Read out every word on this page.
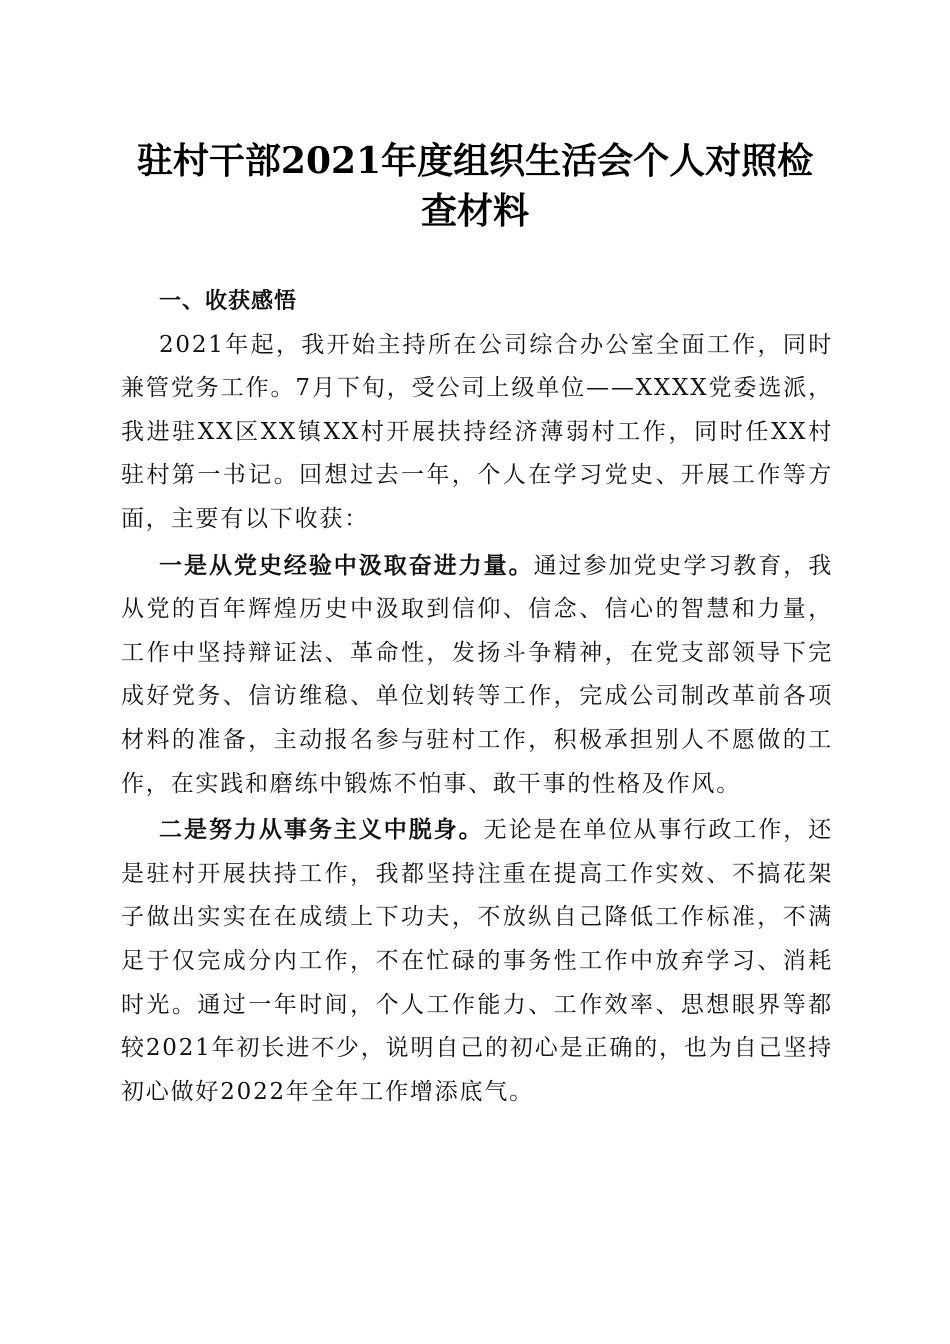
驻村干部2021年度组织生活会个人对照检查材料

一、收获感悟

2021年起，我开始主持所在公司综合办公室全面工作，同时兼管党务工作。7月下旬，受公司上级单位——XXXX党委选派，我进驻XX区XX镇XX村开展扶持经济薄弱村工作，同时任XX村驻村第一书记。回想过去一年，个人在学习党史、开展工作等方面，主要有以下收获：

一是从党史经验中汲取奋进力量。通过参加党史学习教育，我从党的百年辉煌历史中汲取到信仰、信念、信心的智慧和力量，工作中坚持辩证法、革命性，发扬斗争精神，在党支部领导下完成好党务、信访维稳、单位划转等工作，完成公司制改革前各项材料的准备，主动报名参与驻村工作，积极承担别人不愿做的工作，在实践和磨练中锻炼不怕事、敢干事的性格及作风。

二是努力从事务主义中脱身。无论是在单位从事行政工作，还是驻村开展扶持工作，我都坚持注重在提高工作实效、不搞花架子做出实实在在成绩上下功夫，不放纵自己降低工作标准，不满足于仅完成分内工作，不在忙碌的事务性工作中放弃学习、消耗时光。通过一年时间，个人工作能力、工作效率、思想眼界等都较2021年初长进不少，说明自己的初心是正确的，也为自己坚持初心做好2022年全年工作增添底气。
